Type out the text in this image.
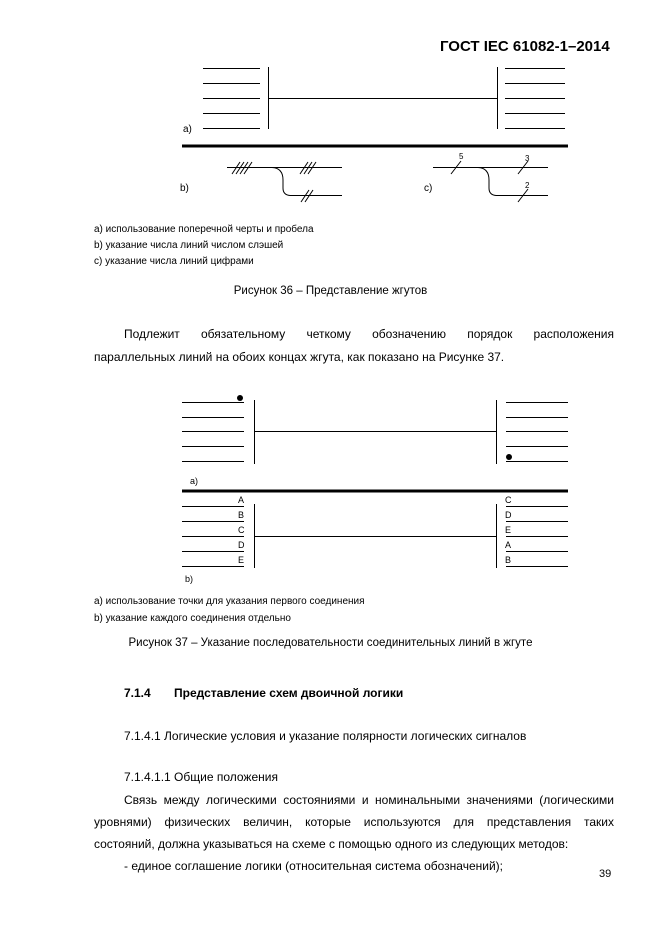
ГОСТ IEC 61082-1–2014
a)
b)	c)
5	3
2
a) использование поперечной черты и пробела
b) указание числа линий числом слэшей
c) указание числа линий цифрами
Рисунок 36 – Представление жгутов
Подлежит обязательному четкому обозначению порядок расположения
параллельных линий на обоих концах жгута, как показано на Рисунке 37.
a)
b)
A
B
C
D
E
C
D
E
A
B
a) использование точки для указания первого соединения
b) указание каждого соединения отдельно
Рисунок 37 – Указание последовательности соединительных линий в жгуте
7.1.4 Представление схем двоичной логики
7.1.4.1 Логические условия и указание полярности логических сигналов
7.1.4.1.1 Общие положения
Связь между логическими состояниями и номинальными значениями (логическими
уровнями) физических величин, которые используются для представления таких
состояний, должна указываться на схеме с помощью одного из следующих методов:
- единое соглашение логики (относительная система обозначений);
39
